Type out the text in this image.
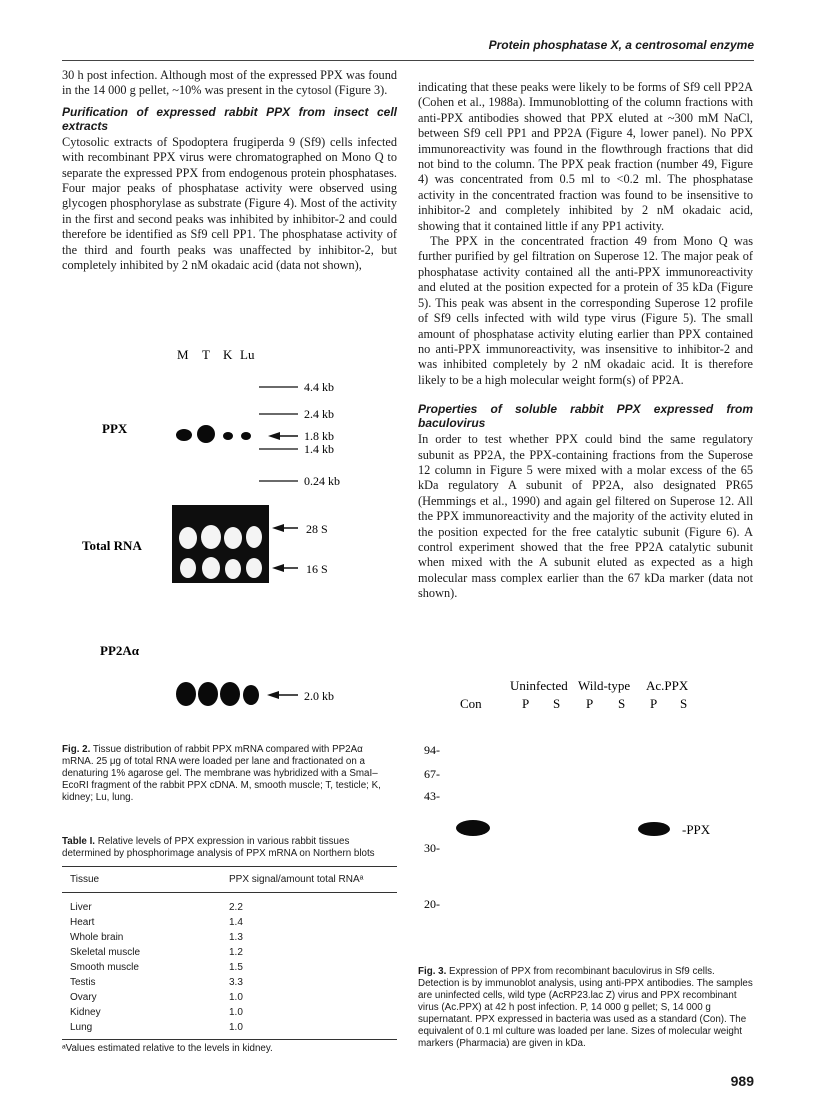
Protein phosphatase X, a centrosomal enzyme

30 h post infection. Although most of the expressed PPX was found in the 14 000 g pellet, ~10% was present in the cytosol (Figure 3).

Purification of expressed rabbit PPX from insect cell extracts

Cytosolic extracts of Spodoptera frugiperda 9 (Sf9) cells infected with recombinant PPX virus were chromatographed on Mono Q to separate the expressed PPX from endogenous protein phosphatases. Four major peaks of phosphatase activity were observed using glycogen phosphorylase as substrate (Figure 4). Most of the activity in the first and second peaks was inhibited by inhibitor-2 and could therefore be identified as Sf9 cell PP1. The phosphatase activity of the third and fourth peaks was unaffected by inhibitor-2, but completely inhibited by 2 nM okadaic acid (data not shown),

indicating that these peaks were likely to be forms of Sf9 cell PP2A (Cohen et al., 1988a). Immunoblotting of the column fractions with anti-PPX antibodies showed that PPX eluted at ~300 mM NaCl, between Sf9 cell PP1 and PP2A (Figure 4, lower panel). No PPX immunoreactivity was found in the flowthrough fractions that did not bind to the column. The PPX peak fraction (number 49, Figure 4) was concentrated from 0.5 ml to <0.2 ml. The phosphatase activity in the concentrated fraction was found to be insensitive to inhibitor-2 and completely inhibited by 2 nM okadaic acid, showing that it contained little if any PP1 activity.

The PPX in the concentrated fraction 49 from Mono Q was further purified by gel filtration on Superose 12. The major peak of phosphatase activity contained all the anti-PPX immunoreactivity and eluted at the position expected for a protein of 35 kDa (Figure 5). This peak was absent in the corresponding Superose 12 profile of Sf9 cells infected with wild type virus (Figure 5). The small amount of phosphatase activity eluting earlier than PPX contained no anti-PPX immunoreactivity, was insensitive to inhibitor-2 and was inhibited completely by 2 nM okadaic acid. It is therefore likely to be a high molecular weight form(s) of PP2A.

Properties of soluble rabbit PPX expressed from baculovirus

In order to test whether PPX could bind the same regulatory subunit as PP2A, the PPX-containing fractions from the Superose 12 column in Figure 5 were mixed with a molar excess of the 65 kDa regulatory A subunit of PP2A, also designated PR65 (Hemmings et al., 1990) and again gel filtered on Superose 12. All the PPX immunoreactivity and the majority of the activity eluted in the position expected for the free catalytic subunit (Figure 6). A control experiment showed that the free PP2A catalytic subunit when mixed with the A subunit eluted as expected as a high molecular mass complex earlier than the 67 kDa marker (data not shown).

M T K Lu
4.4 kb
2.4 kb
1.8 kb
1.4 kb
0.24 kb
PPX
Total RNA
28 S
16 S
PP2Aα
2.0 kb
Fig. 2. Tissue distribution of rabbit PPX mRNA compared with PP2Aα mRNA. 25 μg of total RNA were loaded per lane and fractionated on a denaturing 1% agarose gel. The membrane was hybridized with a SmaI–EcoRI fragment of the rabbit PPX cDNA. M, smooth muscle; T, testicle; K, kidney; Lu, lung.
Table I. Relative levels of PPX expression in various rabbit tissues determined by phosphorimage analysis of PPX mRNA on Northern blots
Tissue	PPX signal/amount total RNAᵃ
Liver	2.2
Heart	1.4
Whole brain	1.3
Skeletal muscle	1.2
Smooth muscle	1.5
Testis	3.3
Ovary	1.0
Kidney	1.0
Lung	1.0
ᵃValues estimated relative to the levels in kidney.
Uninfected Wild-type Ac.PPX
Con	P S P S P S
94-
67-
43-
30-
20-
-PPX
Fig. 3. Expression of PPX from recombinant baculovirus in Sf9 cells. Detection is by immunoblot analysis, using anti-PPX antibodies. The samples are uninfected cells, wild type (AcRP23.lac Z) virus and PPX recombinant virus (Ac.PPX) at 42 h post infection. P, 14 000 g pellet; S, 14 000 g supernatant. PPX expressed in bacteria was used as a standard (Con). The equivalent of 0.1 ml culture was loaded per lane. Sizes of molecular weight markers (Pharmacia) are given in kDa.
989
